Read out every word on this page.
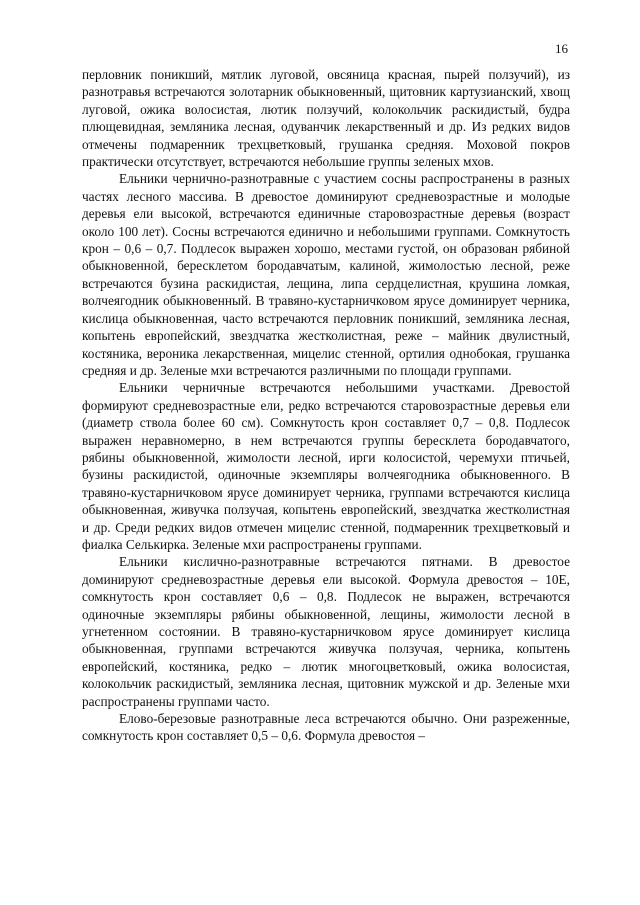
16

перловник поникший, мятлик луговой, овсяница красная, пырей ползучий), из разнотравья встречаются золотарник обыкновенный, щитовник картузианский, хвощ луговой, ожика волосистая, лютик ползучий, колокольчик раскидистый, будра плющевидная, земляника лесная, одуванчик лекарственный и др. Из редких видов отмечены подмаренник трехцветковый, грушанка средняя. Моховой покров практически отсутствует, встречаются небольшие группы зеленых мхов.

Ельники чернично-разнотравные с участием сосны распространены в разных частях лесного массива. В древостое доминируют средневозрастные и молодые деревья ели высокой, встречаются единичные старовозрастные деревья (возраст около 100 лет). Сосны встречаются единично и небольшими группами. Сомкнутость крон – 0,6 – 0,7. Подлесок выражен хорошо, местами густой, он образован рябиной обыкновенной, бересклетом бородавчатым, калиной, жимолостью лесной, реже встречаются бузина раскидистая, лещина, липа сердцелистная, крушина ломкая, волчеягодник обыкновенный. В травяно-кустарничковом ярусе доминирует черника, кислица обыкновенная, часто встречаются перловник поникший, земляника лесная, копытень европейский, звездчатка жестколистная, реже – майник двулистный, костяника, вероника лекарственная, мицелис стенной, ортилия однобокая, грушанка средняя и др. Зеленые мхи встречаются различными по площади группами.

Ельники черничные встречаются небольшими участками. Древостой формируют средневозрастные ели, редко встречаются старовозрастные деревья ели (диаметр ствола более 60 см). Сомкнутость крон составляет 0,7 – 0,8. Подлесок выражен неравномерно, в нем встречаются группы бересклета бородавчатого, рябины обыкновенной, жимолости лесной, ирги колосистой, черемухи птичьей, бузины раскидистой, одиночные экземпляры волчеягодника обыкновенного. В травяно-кустарничковом ярусе доминирует черника, группами встречаются кислица обыкновенная, живучка ползучая, копытень европейский, звездчатка жестколистная и др. Среди редких видов отмечен мицелис стенной, подмаренник трехцветковый и фиалка Селькирка. Зеленые мхи распространены группами.

Ельники кислично-разнотравные встречаются пятнами. В древостое доминируют средневозрастные деревья ели высокой. Формула древостоя – 10Е, сомкнутость крон составляет 0,6 – 0,8. Подлесок не выражен, встречаются одиночные экземпляры рябины обыкновенной, лещины, жимолости лесной в угнетенном состоянии. В травяно-кустарничковом ярусе доминирует кислица обыкновенная, группами встречаются живучка ползучая, черника, копытень европейский, костяника, редко – лютик многоцветковый, ожика волосистая, колокольчик раскидистый, земляника лесная, щитовник мужской и др. Зеленые мхи распространены группами часто.

Елово-березовые разнотравные леса встречаются обычно. Они разреженные, сомкнутость крон составляет 0,5 – 0,6. Формула древостоя –
